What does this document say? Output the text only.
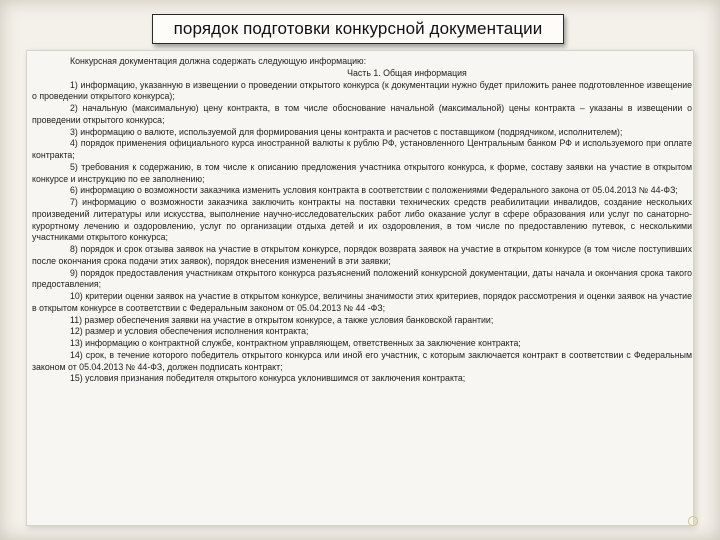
порядок подготовки конкурсной документации

Конкурсная документация должна содержать следующую информацию:

Часть 1. Общая информация

1) информацию, указанную в извещении о проведении открытого конкурса (к документации нужно будет приложить ранее подготовленное извещение о проведении открытого конкурса);

2) начальную (максимальную) цену контракта, в том числе обоснование начальной (максимальной) цены контракта – указаны в извещении о проведении открытого конкурса;

3) информацию о валюте, используемой для формирования цены контракта и расчетов с поставщиком (подрядчиком, исполнителем);

4) порядок применения официального курса иностранной валюты к рублю РФ, установленного Центральным банком РФ и используемого при оплате контракта;

5) требования к содержанию, в том числе к описанию предложения участника открытого конкурса, к форме, составу заявки на участие в открытом конкурсе и инструкцию по ее заполнению;

6) информацию о возможности заказчика изменить условия контракта в соответствии с положениями Федерального закона от 05.04.2013 № 44-ФЗ;

7) информацию о возможности заказчика заключить контракты на поставки технических средств реабилитации инвалидов, создание нескольких произведений литературы или искусства, выполнение научно-исследовательских работ либо оказание услуг в сфере образования или услуг по санаторно-курортному лечению и оздоровлению, услуг по организации отдыха детей и их оздоровления, в том числе по предоставлению путевок, с несколькими участниками открытого конкурса;

8) порядок и срок отзыва заявок на участие в открытом конкурсе, порядок возврата заявок на участие в открытом конкурсе (в том числе поступивших после окончания срока подачи этих заявок), порядок внесения изменений в эти заявки;

9) порядок предоставления участникам открытого конкурса разъяснений положений конкурсной документации, даты начала и окончания срока такого предоставления;

10) критерии оценки заявок на участие в открытом конкурсе, величины значимости этих критериев, порядок рассмотрения и оценки заявок на участие в открытом конкурсе в соответствии с Федеральным законом от 05.04.2013 № 44 -ФЗ;

11) размер обеспечения заявки на участие в открытом конкурсе, а также условия банковской гарантии;

12) размер и условия обеспечения исполнения контракта;

13) информацию о контрактной службе, контрактном управляющем, ответственных за заключение контракта;

14) срок, в течение которого победитель открытого конкурса или иной его участник, с которым заключается контракт в соответствии с Федеральным законом от 05.04.2013 № 44-ФЗ, должен подписать контракт;

15) условия признания победителя открытого конкурса уклонившимся от заключения контракта;
